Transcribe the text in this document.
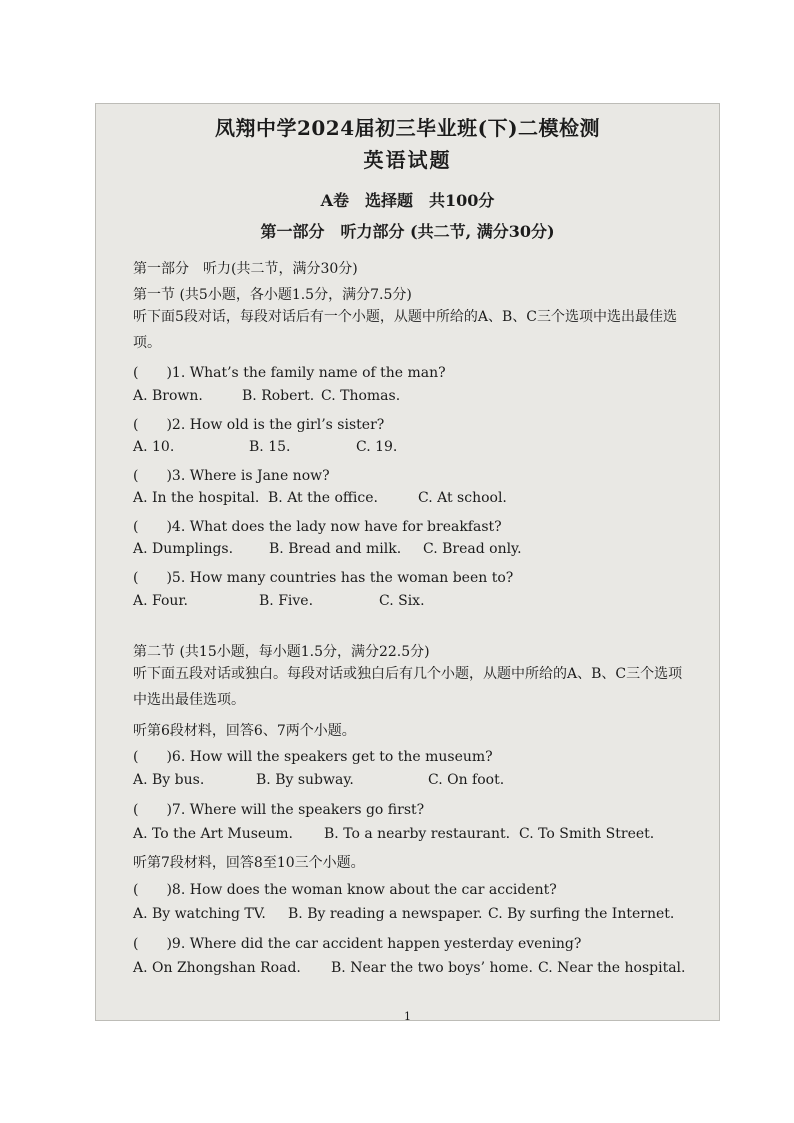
凤翔中学2024届初三毕业班(下)二模检测
英语试题
A卷　选择题　共100分
第一部分　听力部分 (共二节, 满分30分)
第一部分　听力(共二节，满分30分)
第一节 (共5小题，各小题1.5分，满分7.5分)
听下面5段对话，每段对话后有一个小题，从题中所给的A、B、C三个选项中选出最佳选项。
(　　)1. What’s the family name of the man?
A. Brown.	B. Robert. C. Thomas.
(　　)2. How old is the girl’s sister?
A. 10.	B. 15.	C. 19.
(　　)3. Where is Jane now?
A. In the hospital. B. At the office.	C. At school.
(　　)4. What does the lady now have for breakfast?
A. Dumplings.	B. Bread and milk. C. Bread only.
(　　)5. How many countries has the woman been to?
A. Four.	B. Five.	C. Six.
第二节 (共15小题，每小题1.5分，满分22.5分)
听下面五段对话或独白。每段对话或独白后有几个小题，从题中所给的A、B、C三个选项中选出最佳选项。
听第6段材料，回答6、7两个小题。
(　　)6. How will the speakers get to the museum?
A. By bus.	B. By subway.	C. On foot.
(　　)7. Where will the speakers go first?
A. To the Art Museum. B. To a nearby restaurant. C. To Smith Street.
听第7段材料，回答8至10三个小题。
(　　)8. How does the woman know about the car accident?
A. By watching TV. B. By reading a newspaper. C. By surfing the Internet.
(　　)9. Where did the car accident happen yesterday evening?
A. On Zhongshan Road. B. Near the two boys’ home. C. Near the hospital.
1
